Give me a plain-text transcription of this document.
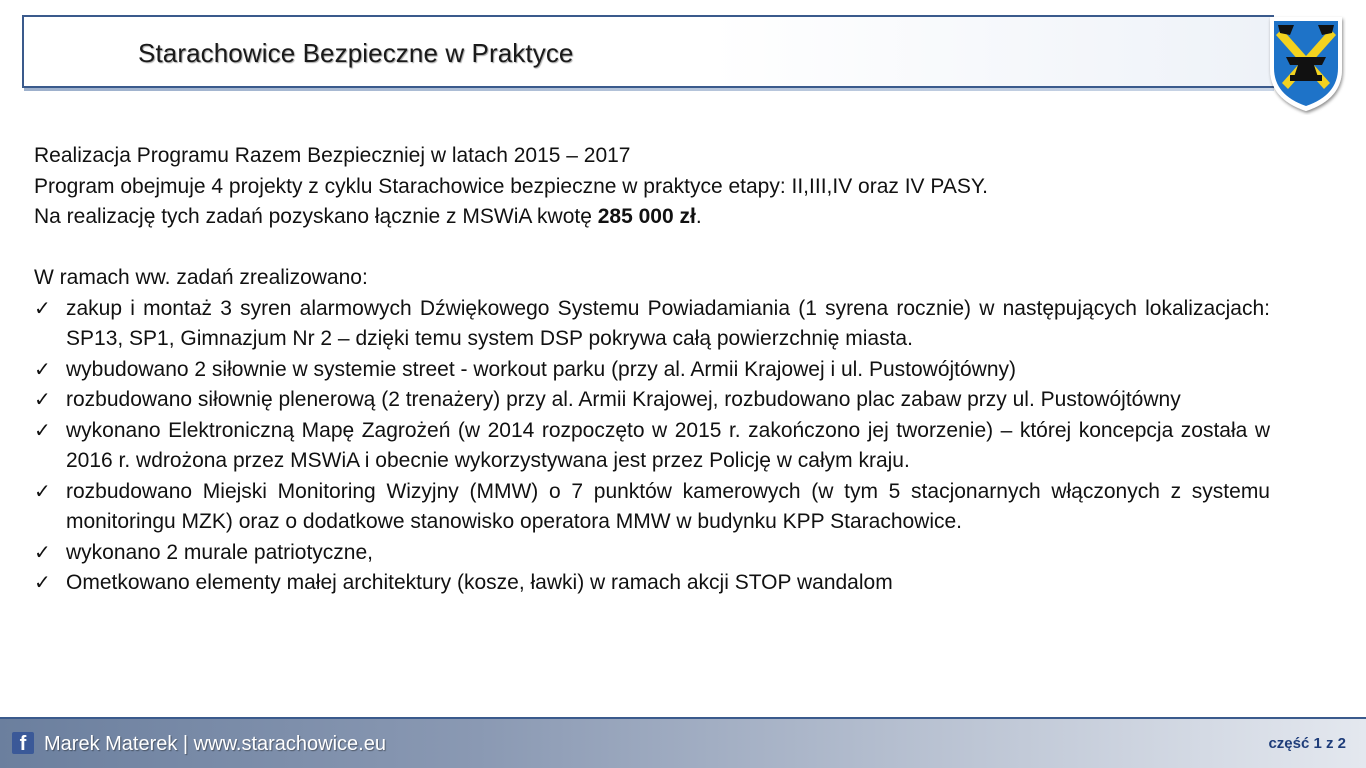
Starachowice Bezpieczne w Praktyce

Realizacja Programu Razem Bezpieczniej w latach 2015 – 2017

Program obejmuje 4 projekty z cyklu Starachowice bezpieczne w praktyce etapy: II,III,IV oraz IV PASY.

Na realizację tych zadań pozyskano łącznie z MSWiA kwotę 285 000 zł.

W ramach ww. zadań zrealizowano:

✓ zakup i montaż 3 syren alarmowych Dźwiękowego Systemu Powiadamiania (1 syrena rocznie) w następujących lokalizacjach: SP13, SP1, Gimnazjum Nr 2 – dzięki temu system DSP pokrywa całą powierzchnię miasta.
✓ wybudowano 2 siłownie w systemie street - workout parku (przy al. Armii Krajowej i ul. Pustowójtówny)
✓ rozbudowano siłownię plenerową (2 trenażery) przy al. Armii Krajowej, rozbudowano plac zabaw przy ul. Pustowójtówny
✓ wykonano Elektroniczną Mapę Zagrożeń (w 2014 rozpoczęto w 2015 r. zakończono jej tworzenie) – której koncepcja została w 2016 r. wdrożona przez MSWiA i obecnie wykorzystywana jest przez Policję w całym kraju.
✓ rozbudowano Miejski Monitoring Wizyjny (MMW) o 7 punktów kamerowych (w tym 5 stacjonarnych włączonych z systemu monitoringu MZK) oraz o dodatkowe stanowisko operatora MMW w budynku KPP Starachowice.
✓ wykonano 2 murale patriotyczne,
✓ Ometkowano elementy małej architektury (kosze, ławki) w ramach akcji STOP wandalom
f Marek Materek | www.starachowice.eu	część 1 z 2
